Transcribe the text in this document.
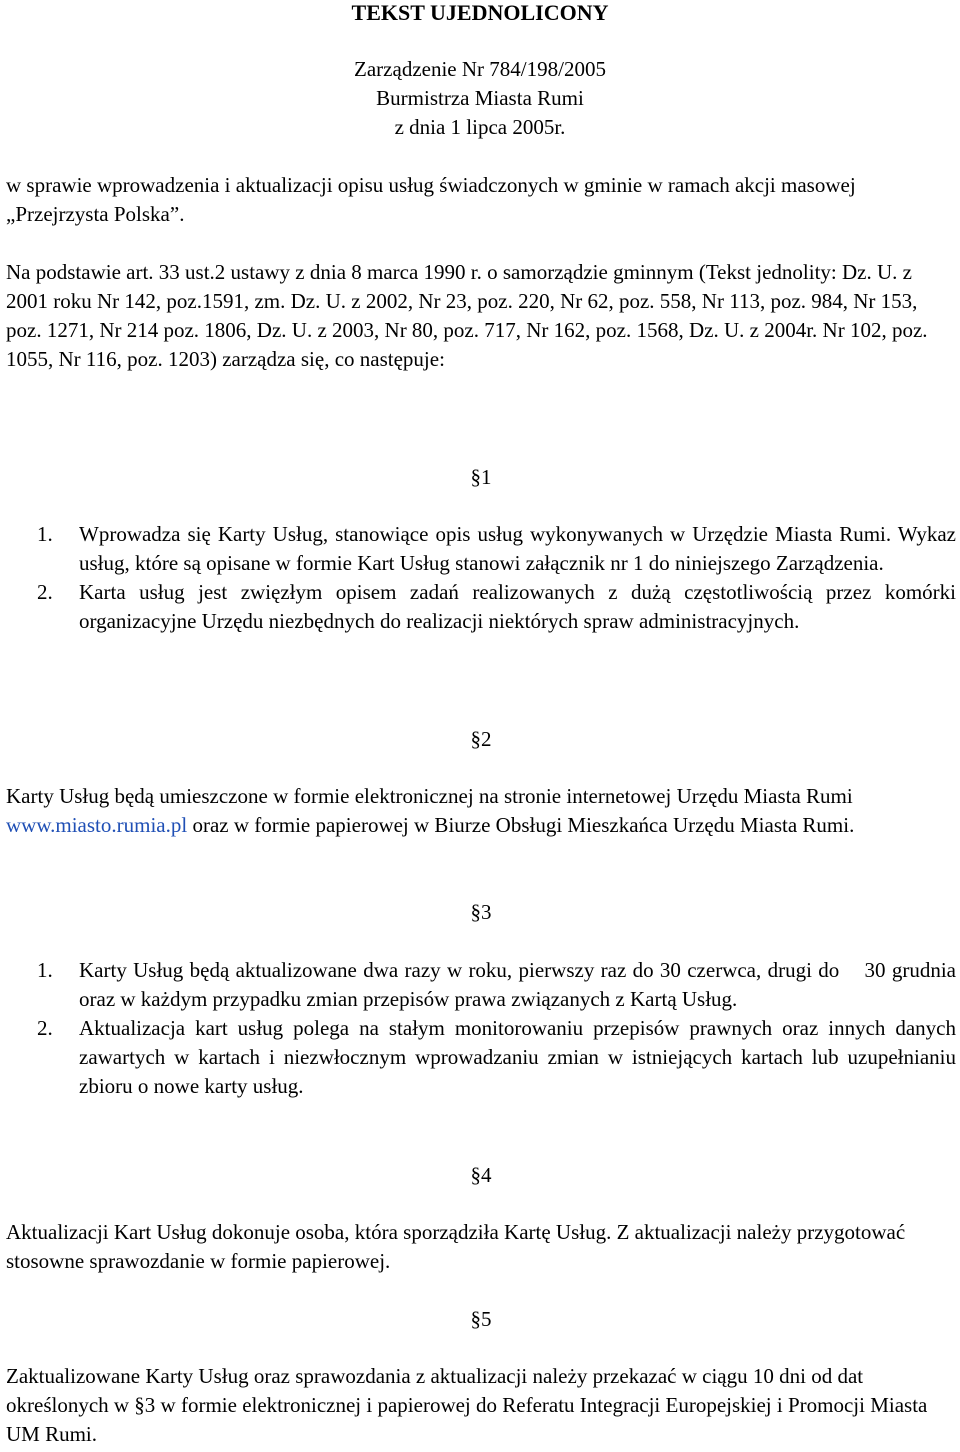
TEKST UJEDNOLICONY
Zarządzenie Nr 784/198/2005
Burmistrza Miasta Rumi
z dnia 1 lipca 2005r.
w sprawie wprowadzenia i aktualizacji opisu usług świadczonych w gminie w ramach akcji masowej „Przejrzysta Polska”.
Na podstawie art. 33 ust.2 ustawy z dnia 8 marca 1990 r. o samorządzie gminnym (Tekst jednolity: Dz. U. z 2001 roku Nr 142, poz.1591, zm. Dz. U. z 2002, Nr 23, poz. 220, Nr 62, poz. 558, Nr 113, poz. 984, Nr 153, poz. 1271, Nr 214 poz. 1806, Dz. U. z 2003, Nr 80, poz. 717, Nr 162, poz. 1568, Dz. U. z 2004r. Nr 102, poz. 1055, Nr 116, poz. 1203) zarządza się, co następuje:
§1
1. Wprowadza się Karty Usług, stanowiące opis usług wykonywanych w Urzędzie Miasta Rumi. Wykaz usług, które są opisane w formie Kart Usług stanowi załącznik nr 1 do niniejszego Zarządzenia.
2. Karta usług jest zwięzłym opisem zadań realizowanych z dużą częstotliwością przez komórki organizacyjne Urzędu niezbędnych do realizacji niektórych spraw administracyjnych.
§2
Karty Usług będą umieszczone w formie elektronicznej na stronie internetowej Urzędu Miasta Rumi www.miasto.rumia.pl oraz w formie papierowej w Biurze Obsługi Mieszkańca Urzędu Miasta Rumi.
§3
1. Karty Usług będą aktualizowane dwa razy w roku, pierwszy raz do 30 czerwca, drugi do    30 grudnia oraz w każdym przypadku zmian przepisów prawa związanych z Kartą Usług.
2. Aktualizacja kart usług polega na stałym monitorowaniu przepisów prawnych oraz innych danych zawartych w kartach i niezwłocznym wprowadzaniu zmian w istniejących kartach lub uzupełnianiu zbioru o nowe karty usług.
§4
Aktualizacji Kart Usług dokonuje osoba, która sporządziła Kartę Usług. Z aktualizacji należy przygotować stosowne sprawozdanie w formie papierowej.
§5
Zaktualizowane Karty Usług oraz sprawozdania z aktualizacji należy przekazać w ciągu 10 dni od dat określonych w §3 w formie elektronicznej i papierowej do Referatu Integracji Europejskiej i Promocji Miasta UM Rumi.
